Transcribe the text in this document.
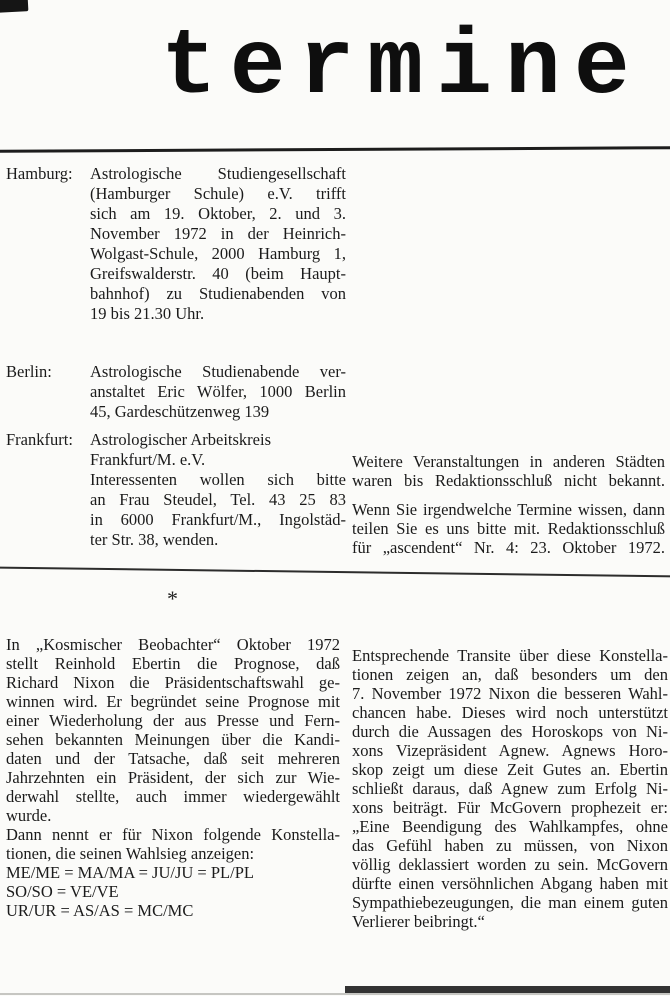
termine
Hamburg:	Astrologische Studiengesellschaft
(Hamburger Schule) e.V. trifft
sich am 19. Oktober, 2. und 3.
November 1972 in der Heinrich-
Wolgast-Schule, 2000 Hamburg 1,
Greifswalderstr. 40 (beim Haupt-
bahnhof) zu Studienabenden von
19 bis 21.30 Uhr.
Berlin:	Astrologische Studienabende ver-
anstaltet Eric Wölfer, 1000 Berlin
45, Gardeschützenweg 139
Frankfurt:	Astrologischer Arbeitskreis
Frankfurt/M. e.V.
Interessenten wollen sich bitte
an Frau Steudel, Tel. 43 25 83
in 6000 Frankfurt/M., Ingolstäd-
ter Str. 38, wenden.
Weitere Veranstaltungen in anderen Städten
waren bis Redaktionsschluß nicht bekannt.
Wenn Sie irgendwelche Termine wissen, dann
teilen Sie es uns bitte mit. Redaktionsschluß
für „ascendent“ Nr. 4: 23. Oktober 1972.
*
In „Kosmischer Beobachter“ Oktober 1972
stellt Reinhold Ebertin die Prognose, daß
Richard Nixon die Präsidentschaftswahl ge-
winnen wird. Er begründet seine Prognose mit
einer Wiederholung der aus Presse und Fern-
sehen bekannten Meinungen über die Kandi-
daten und der Tatsache, daß seit mehreren
Jahrzehnten ein Präsident, der sich zur Wie-
derwahl stellte, auch immer wiedergewählt
wurde.
Dann nennt er für Nixon folgende Konstella-
tionen, die seinen Wahlsieg anzeigen:
ME/ME = MA/MA = JU/JU = PL/PL
SO/SO = VE/VE
UR/UR = AS/AS = MC/MC
Entsprechende Transite über diese Konstella-
tionen zeigen an, daß besonders um den
7. November 1972 Nixon die besseren Wahl-
chancen habe. Dieses wird noch unterstützt
durch die Aussagen des Horoskops von Ni-
xons Vizepräsident Agnew. Agnews Horo-
skop zeigt um diese Zeit Gutes an. Ebertin
schließt daraus, daß Agnew zum Erfolg Ni-
xons beiträgt. Für McGovern prophezeit er:
„Eine Beendigung des Wahlkampfes, ohne
das Gefühl haben zu müssen, von Nixon
völlig deklassiert worden zu sein. McGovern
dürfte einen versöhnlichen Abgang haben mit
Sympathiebezeugungen, die man einem guten
Verlierer beibringt.“
